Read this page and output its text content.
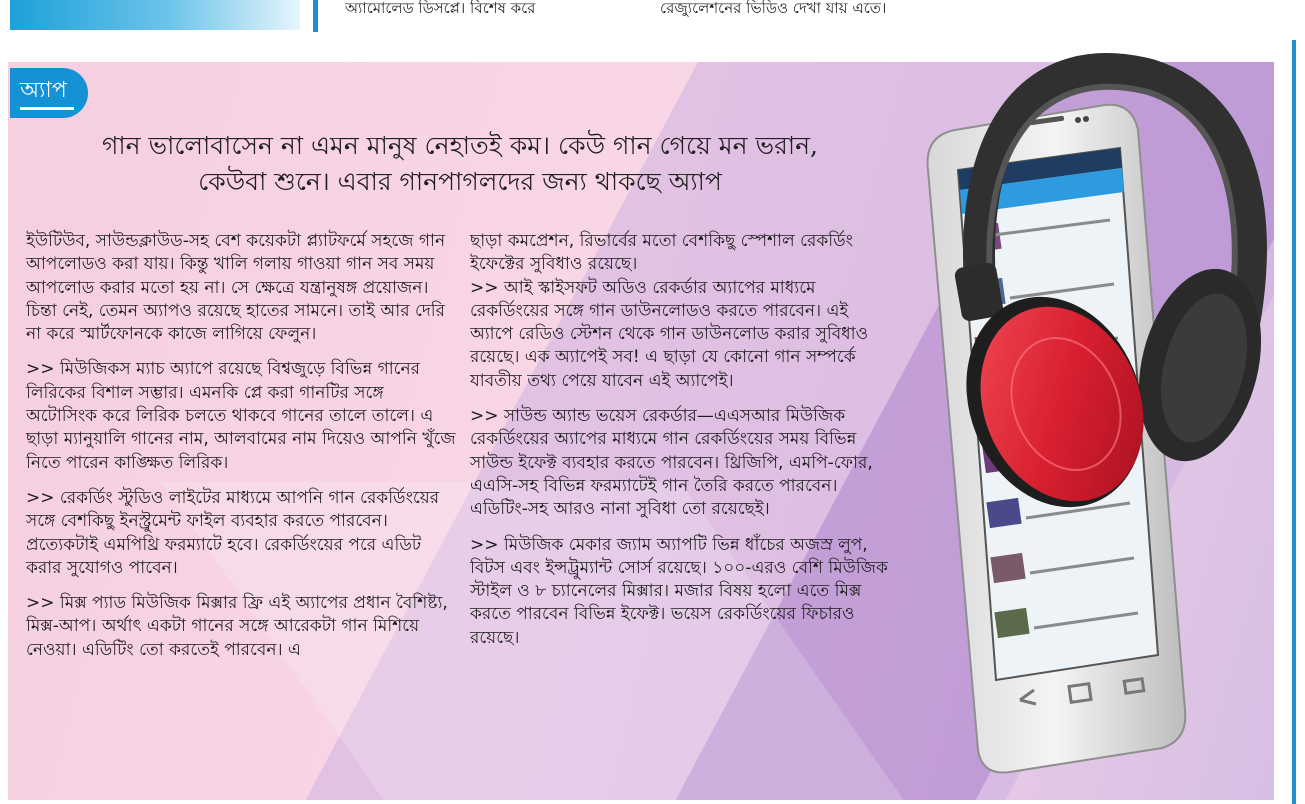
অ্যামোলেড ডিসপ্লে। বিশেষ করে	রেজ্যুলেশনের ভিডিও দেখা যায় এতে।
অ্যাপ
গান ভালোবাসেন না এমন মানুষ নেহাতই কম। কেউ গান গেয়ে মন ভরান,
কেউবা শুনে। এবার গানপাগলদের জন্য থাকছে অ্যাপ

ইউটিউব, সাউন্ডক্লাউড-সহ বেশ কয়েকটা প্ল্যাটফর্মে সহজে গান আপলোডও করা যায়। কিন্তু খালি গলায় গাওয়া গান সব সময় আপলোড করার মতো হয় না। সে ক্ষেত্রে যন্ত্রানুষঙ্গ প্রয়োজন। চিন্তা নেই, তেমন অ্যাপও রয়েছে হাতের সামনে। তাই আর দেরি না করে স্মার্টফোনকে কাজে লাগিয়ে ফেলুন।

>> মিউজিকস ম্যাচ অ্যাপে রয়েছে বিশ্বজুড়ে বিভিন্ন গানের লিরিকের বিশাল সম্ভার। এমনকি প্লে করা গানটির সঙ্গে অটোসিংক করে লিরিক চলতে থাকবে গানের তালে তালে। এ ছাড়া ম্যানুয়ালি গানের নাম, আলবামের নাম দিয়েও আপনি খুঁজে নিতে পারেন কাঙ্ক্ষিত লিরিক।

>> রেকর্ডিং স্টুডিও লাইটের মাধ্যমে আপনি গান রেকর্ডিংয়ের সঙ্গে বেশকিছু ইনস্ট্রুমেন্ট ফাইল ব্যবহার করতে পারবেন। প্রত্যেকটাই এমপিথ্রি ফরম্যাটে হবে। রেকর্ডিংয়ের পরে এডিট করার সুযোগও পাবেন।

>> মিক্স প্যাড মিউজিক মিক্সার ফ্রি এই অ্যাপের প্রধান বৈশিষ্ট্য, মিক্স-আপ। অর্থাৎ একটা গানের সঙ্গে আরেকটা গান মিশিয়ে নেওয়া। এডিটিং তো করতেই পারবেন। এ

ছাড়া কমপ্রেশন, রিভার্বের মতো বেশকিছু স্পেশাল রেকর্ডিং ইফেক্টের সুবিধাও রয়েছে।

>> আই স্কাইসফট অডিও রেকর্ডার অ্যাপের মাধ্যমে রেকর্ডিংয়ের সঙ্গে গান ডাউনলোডও করতে পারবেন। এই অ্যাপে রেডিও স্টেশন থেকে গান ডাউনলোড করার সুবিধাও রয়েছে। এক অ্যাপেই সব! এ ছাড়া যে কোনো গান সম্পর্কে যাবতীয় তথ্য পেয়ে যাবেন এই অ্যাপেই।

>> সাউন্ড অ্যান্ড ভয়েস রেকর্ডার—এএসআর মিউজিক রেকর্ডিংয়ের অ্যাপের মাধ্যমে গান রেকর্ডিংয়ের সময় বিভিন্ন সাউন্ড ইফেক্ট ব্যবহার করতে পারবেন। থ্রিজিপি, এমপি-ফোর, এএসি-সহ বিভিন্ন ফরম্যাটেই গান তৈরি করতে পারবেন। এডিটিং-সহ আরও নানা সুবিধা তো রয়েছেই।

>> মিউজিক মেকার জ্যাম অ্যাপটি ভিন্ন ধাঁচের অজস্র লুপ, বিটস এবং ইন্সট্রুম্যান্ট সোর্স রয়েছে। ১০০-এরও বেশি মিউজিক স্টাইল ও ৮ চ্যানেলের মিক্সার। মজার বিষয় হলো এতে মিক্স করতে পারবেন বিভিন্ন ইফেক্ট। ভয়েস রেকর্ডিংয়ের ফিচারও রয়েছে।
